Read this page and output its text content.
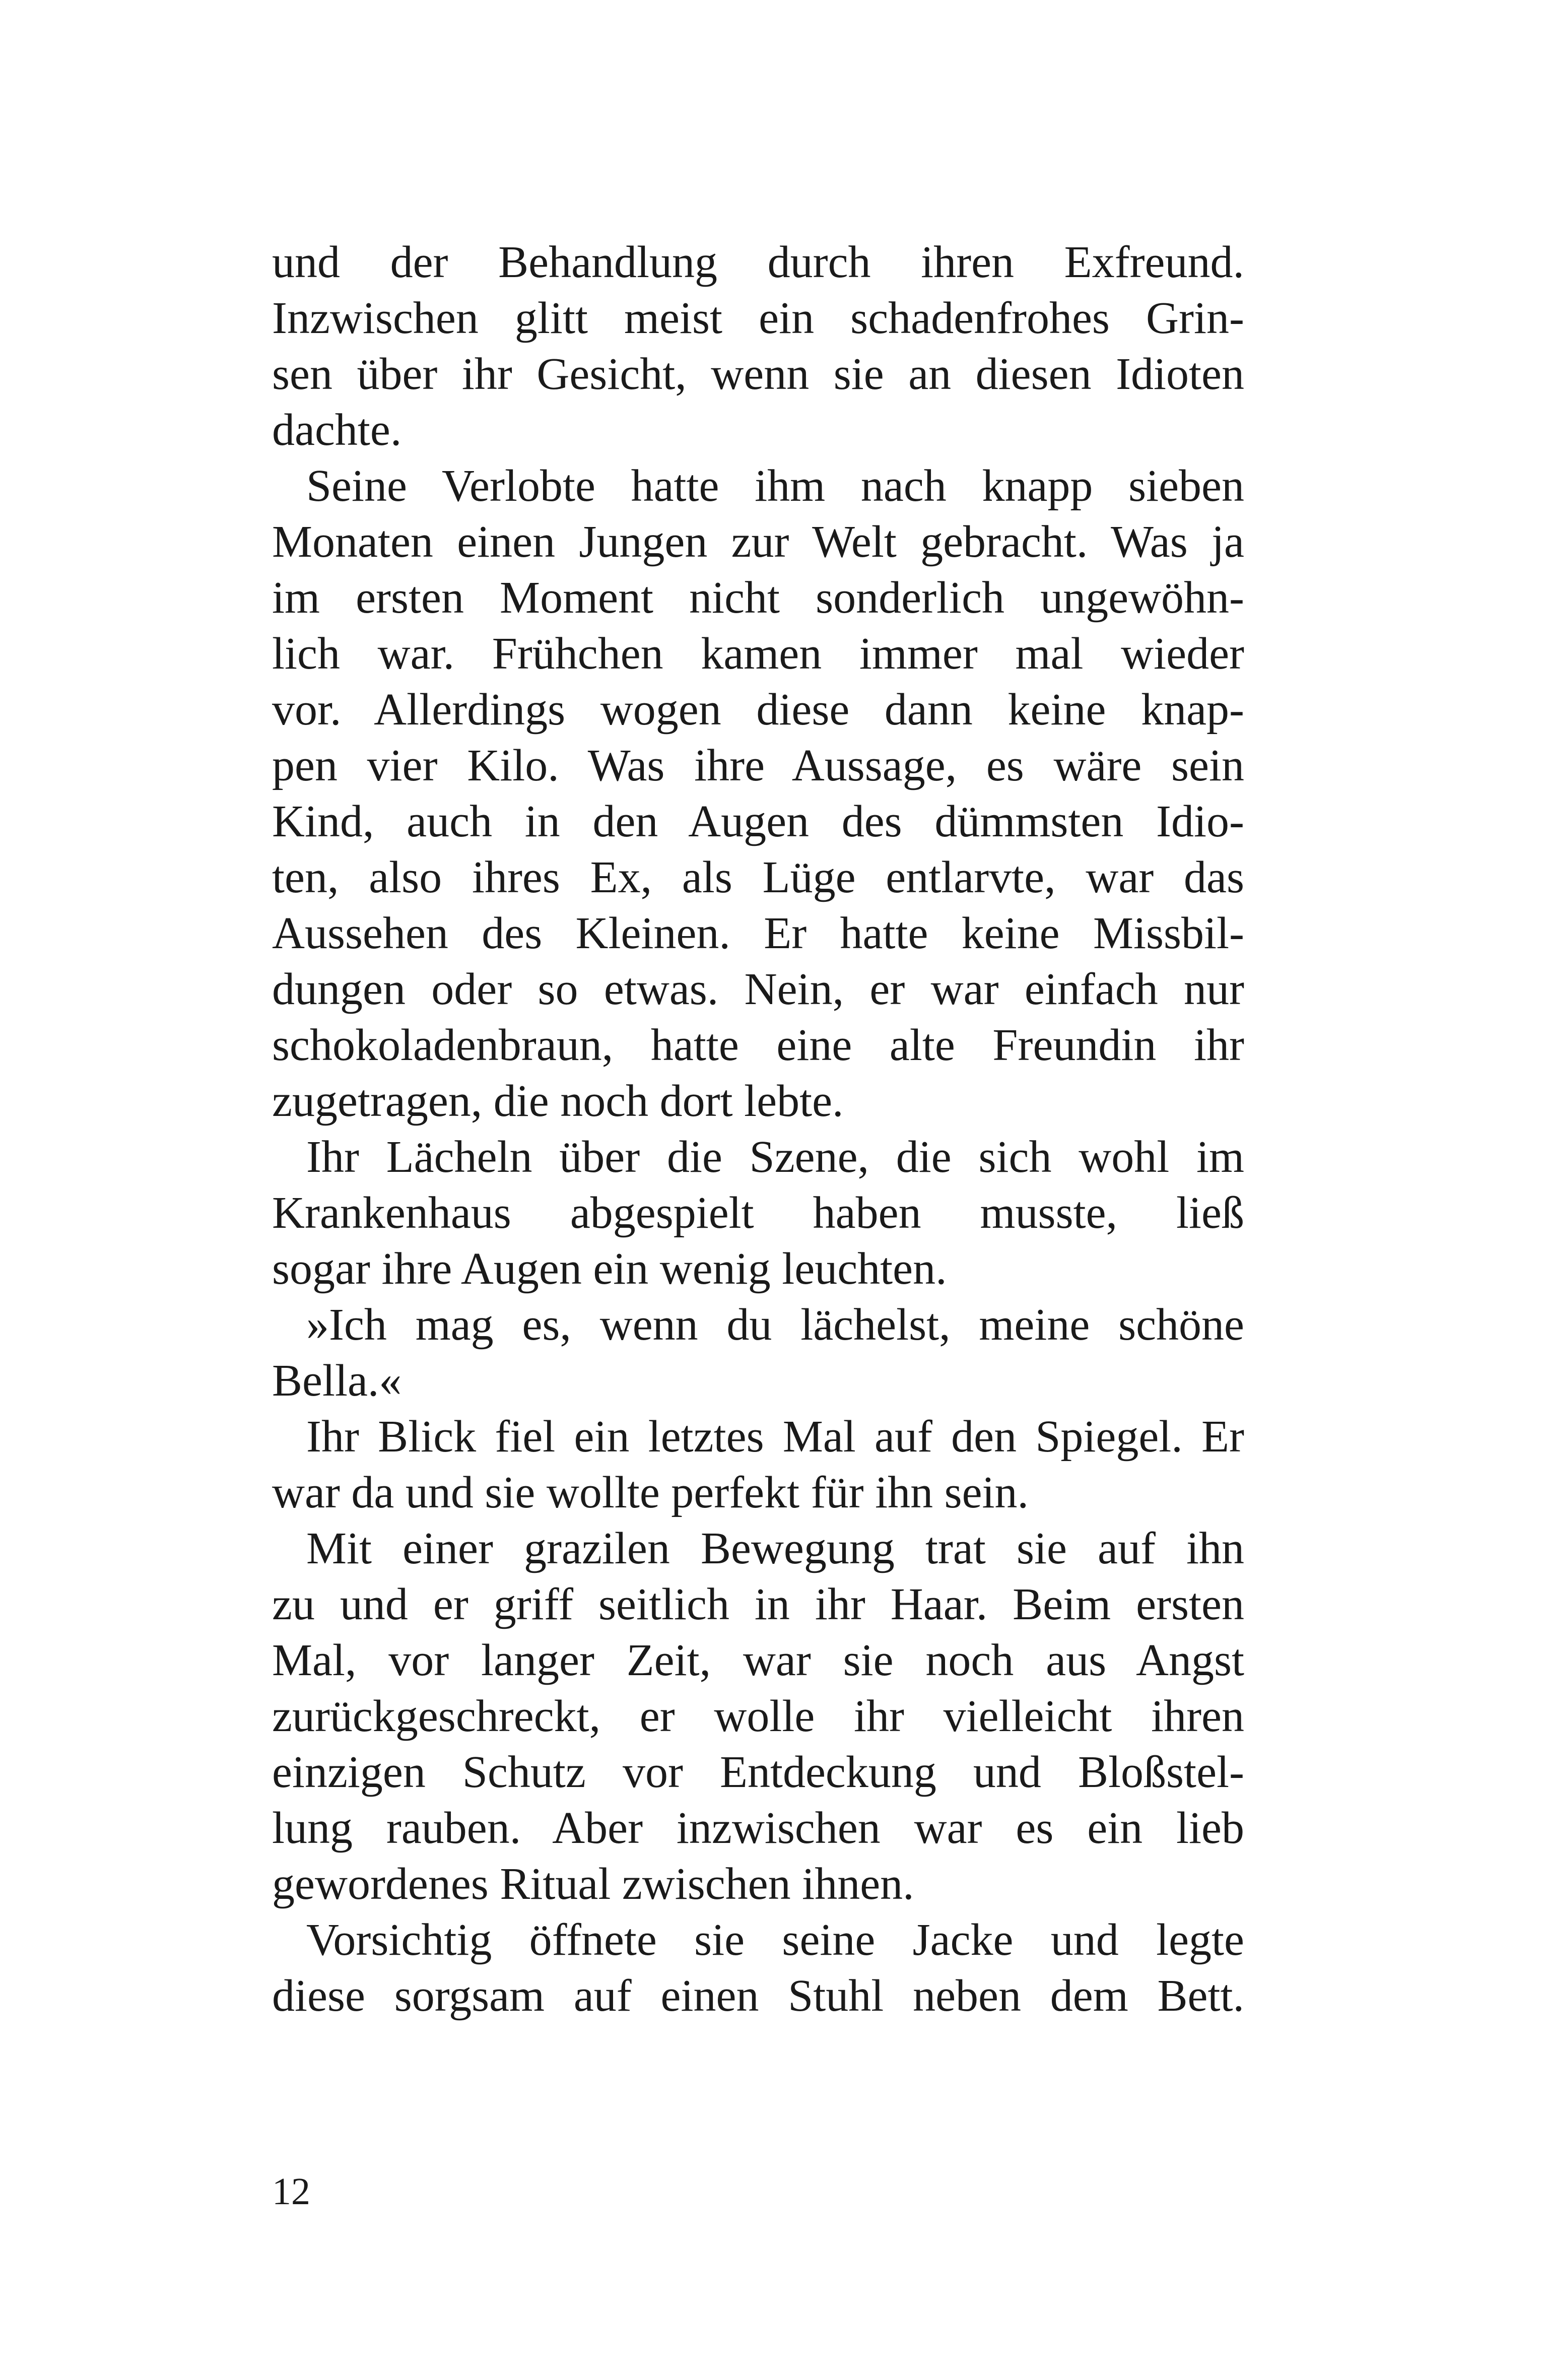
und der Behandlung durch ihren Exfreund.
Inzwischen glitt meist ein schadenfrohes Grin-
sen über ihr Gesicht, wenn sie an diesen Idioten
dachte.
Seine Verlobte hatte ihm nach knapp sieben
Monaten einen Jungen zur Welt gebracht. Was ja
im ersten Moment nicht sonderlich ungewöhn-
lich war. Frühchen kamen immer mal wieder
vor. Allerdings wogen diese dann keine knap-
pen vier Kilo. Was ihre Aussage, es wäre sein
Kind, auch in den Augen des dümmsten Idio-
ten, also ihres Ex, als Lüge entlarvte, war das
Aussehen des Kleinen. Er hatte keine Missbil-
dungen oder so etwas. Nein, er war einfach nur
schokoladenbraun, hatte eine alte Freundin ihr
zugetragen, die noch dort lebte.
Ihr Lächeln über die Szene, die sich wohl im
Krankenhaus abgespielt haben musste, ließ
sogar ihre Augen ein wenig leuchten.
»Ich mag es, wenn du lächelst, meine schöne
Bella.«
Ihr Blick fiel ein letztes Mal auf den Spiegel. Er
war da und sie wollte perfekt für ihn sein.
Mit einer grazilen Bewegung trat sie auf ihn
zu und er griff seitlich in ihr Haar. Beim ersten
Mal, vor langer Zeit, war sie noch aus Angst
zurückgeschreckt, er wolle ihr vielleicht ihren
einzigen Schutz vor Entdeckung und Bloßstel-
lung rauben. Aber inzwischen war es ein lieb
gewordenes Ritual zwischen ihnen.
Vorsichtig öffnete sie seine Jacke und legte
diese sorgsam auf einen Stuhl neben dem Bett.
12
